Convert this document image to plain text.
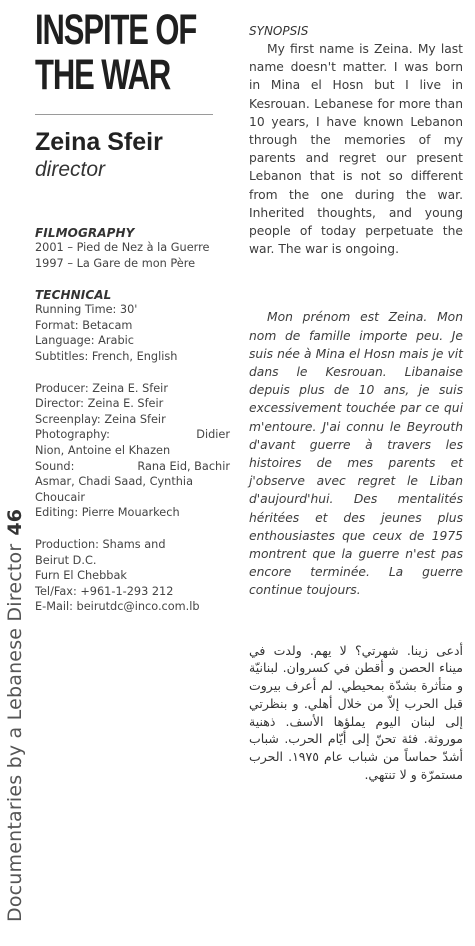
Documentaries by a Lebanese Director
46
INSPITE OF
THE WAR
Zeina Sfeir
director
FILMOGRAPHY
2001 – Pied de Nez à la Guerre
1997 – La Gare de mon Père
TECHNICAL
Running Time: 30'
Format: Betacam
Language: Arabic
Subtitles: French, English
Producer: Zeina E. Sfeir
Director: Zeina E. Sfeir
Screenplay: Zeina Sfeir
Photography:	Didier
Nion, Antoine el Khazen
Sound:	Rana Eid, Bachir
Asmar, Chadi Saad, Cynthia
Choucair
Editing: Pierre Mouarkech
Production: Shams and
Beirut D.C.
Furn El Chebbak
Tel/Fax: +961-1-293 212
E-Mail: beirutdc@inco.com.lb
SYNOPSIS

My first name is Zeina. My last name doesn't matter. I was born in Mina el Hosn but I live in Kesrouan. Lebanese for more than 10 years, I have known Lebanon through the memories of my parents and regret our present Lebanon that is not so different from the one during the war. Inherited thoughts, and young people of today perpetuate the war. The war is ongoing.

Mon prénom est Zeina. Mon nom de famille importe peu. Je suis née à Mina el Hosn mais je vit dans le Kesrouan. Libanaise depuis plus de 10 ans, je suis excessivement touchée par ce qui m'entoure. J'ai connu le Beyrouth d'avant guerre à travers les histoires de mes parents et j'observe avec regret le Liban d'aujourd'hui. Des mentalités héritées et des jeunes plus enthousiastes que ceux de 1975 montrent que la guerre n'est pas encore terminée. La guerre continue toujours.

أدعى زينا. شهرتي؟ لا يهم. ولدت في ميناء الحصن و أقطن في كسروان. لبنانيّة و متأثرة بشدّة بمحيطي. لم أعرف بيروت قبل الحرب إلاّ من خلال أهلي. و بنظرتي إلى لبنان اليوم يملؤها الأسف. ذهنية موروثة. فئة تحنّ إلى أيّام الحرب. شباب أشدّ حماساً من شباب عام ١٩٧٥. الحرب مستمرّة و لا تنتهي.
